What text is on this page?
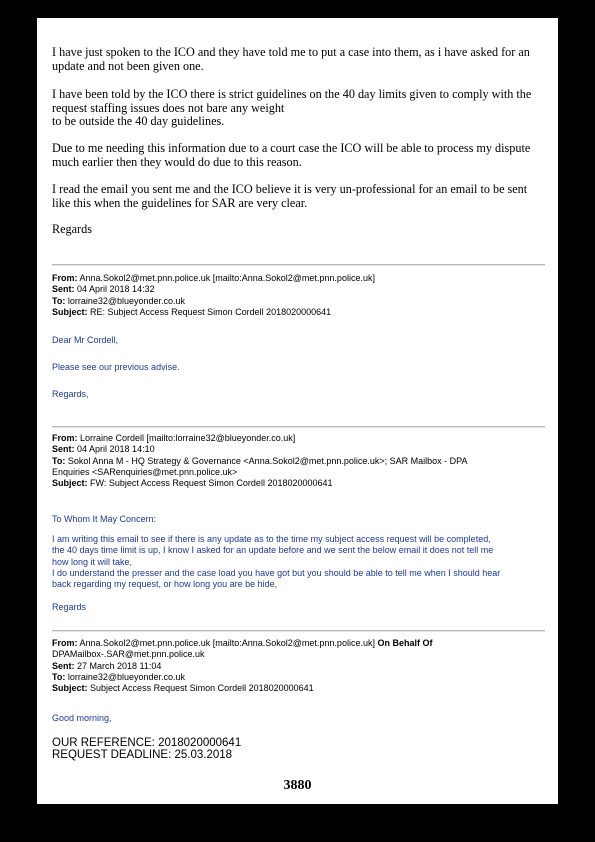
I have just spoken to the ICO and they have told me to put a case into them, as i have asked for an update and not been given one.
I have been told by the ICO there is strict guidelines on the 40 day limits given to comply with the request staffing issues does not bare any weight
to be outside the 40 day guidelines.
Due to me needing this information due to a court case the ICO will be able to process my dispute much earlier then they would do due to this reason.
I read the email you sent me and the ICO believe it is very un-professional for an email to be sent like this when the guidelines for SAR are very clear.
Regards
From: Anna.Sokol2@met.pnn.police.uk [mailto:Anna.Sokol2@met.pnn.police.uk]
Sent: 04 April 2018 14:32
To: lorraine32@blueyonder.co.uk
Subject: RE: Subject Access Request Simon Cordell 2018020000641
Dear Mr Cordell,
Please see our previous advise.
Regards,
From: Lorraine Cordell [mailto:lorraine32@blueyonder.co.uk]
Sent: 04 April 2018 14:10
To: Sokol Anna M - HQ Strategy & Governance <Anna.Sokol2@met.pnn.police.uk>; SAR Mailbox - DPA
Enquiries <SARenquiries@met.pnn.police.uk>
Subject: FW: Subject Access Request Simon Cordell 2018020000641
To Whom It May Concern:
I am writing this email to see if there is any update as to the time my subject access request will be completed,
the 40 days time limit is up, I know I asked for an update before and we sent the below email it does not tell me
how long it will take,
I do understand the presser and the case load you have got but you should be able to tell me when I should hear
back regarding my request, or how long you are be hide,
Regards
From: Anna.Sokol2@met.pnn.police.uk [mailto:Anna.Sokol2@met.pnn.police.uk] On Behalf Of
DPAMailbox-.SAR@met.pnn.police.uk
Sent: 27 March 2018 11:04
To: lorraine32@blueyonder.co.uk
Subject: Subject Access Request Simon Cordell 2018020000641
Good morning,
OUR REFERENCE: 2018020000641
REQUEST DEADLINE: 25.03.2018
3880
